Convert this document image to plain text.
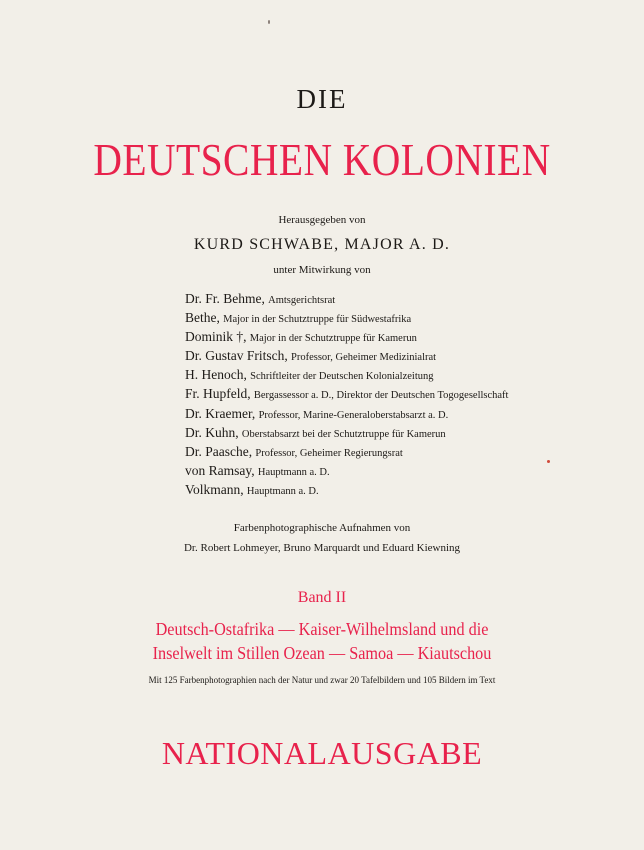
DIE
DEUTSCHEN KOLONIEN
Herausgegeben von
KURD SCHWABE, MAJOR A. D.
unter Mitwirkung von
Dr. Fr. Behme, Amtsgerichtsrat
Bethe, Major in der Schutztruppe für Südwestafrika
Dominik †, Major in der Schutztruppe für Kamerun
Dr. Gustav Fritsch, Professor, Geheimer Medizinialrat
H. Henoch, Schriftleiter der Deutschen Kolonialzeitung
Fr. Hupfeld, Bergassessor a. D., Direktor der Deutschen Togogesellschaft
Dr. Kraemer, Professor, Marine-Generaloberstabsarzt a. D.
Dr. Kuhn, Oberstabsarzt bei der Schutztruppe für Kamerun
Dr. Paasche, Professor, Geheimer Regierungsrat
von Ramsay, Hauptmann a. D.
Volkmann, Hauptmann a. D.
Farbenphotographische Aufnahmen von
Dr. Robert Lohmeyer, Bruno Marquardt und Eduard Kiewning
Band II
Deutsch-Ostafrika — Kaiser-Wilhelmsland und die
Inselwelt im Stillen Ozean — Samoa — Kiautschou
Mit 125 Farbenphotographien nach der Natur und zwar 20 Tafelbildern und 105 Bildern im Text
NATIONALAUSGABE
